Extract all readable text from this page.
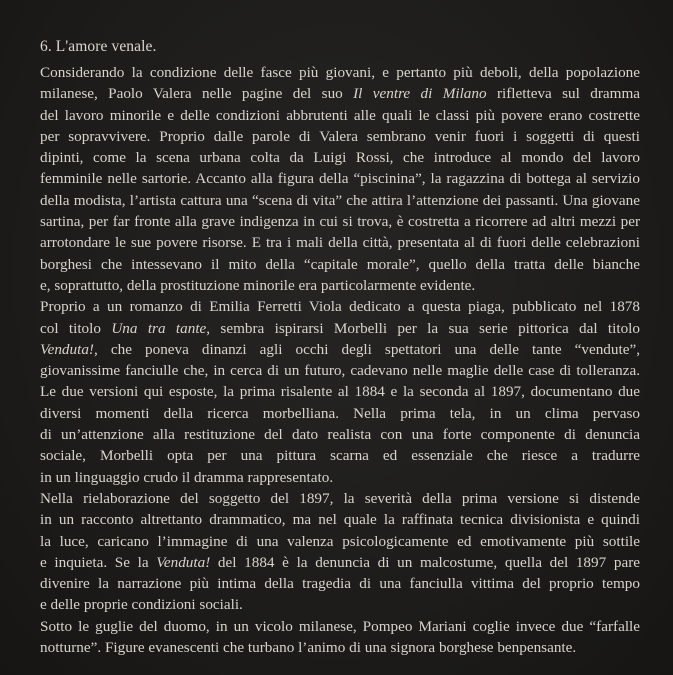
6. L'amore venale.
Considerando la condizione delle fasce più giovani, e pertanto più deboli, della popolazione
milanese, Paolo Valera nelle pagine del suo Il ventre di Milano rifletteva sul dramma
del lavoro minorile e delle condizioni abbrutenti alle quali le classi più povere erano costrette
per sopravvivere. Proprio dalle parole di Valera sembrano venir fuori i soggetti di questi
dipinti, come la scena urbana colta da Luigi Rossi, che introduce al mondo del lavoro
femminile nelle sartorie. Accanto alla figura della “piscinina”, la ragazzina di bottega al servizio
della modista, l’artista cattura una “scena di vita” che attira l’attenzione dei passanti. Una giovane
sartina, per far fronte alla grave indigenza in cui si trova, è costretta a ricorrere ad altri mezzi per
arrotondare le sue povere risorse. E tra i mali della città, presentata al di fuori delle celebrazioni
borghesi che intessevano il mito della “capitale morale”, quello della tratta delle bianche
e, soprattutto, della prostituzione minorile era particolarmente evidente.
Proprio a un romanzo di Emilia Ferretti Viola dedicato a questa piaga, pubblicato nel 1878
col titolo Una tra tante, sembra ispirarsi Morbelli per la sua serie pittorica dal titolo
Venduta!, che poneva dinanzi agli occhi degli spettatori una delle tante “vendute”,
giovanissime fanciulle che, in cerca di un futuro, cadevano nelle maglie delle case di tolleranza.
Le due versioni qui esposte, la prima risalente al 1884 e la seconda al 1897, documentano due
diversi momenti della ricerca morbelliana. Nella prima tela, in un clima pervaso
di un’attenzione alla restituzione del dato realista con una forte componente di denuncia
sociale, Morbelli opta per una pittura scarna ed essenziale che riesce a tradurre
in un linguaggio crudo il dramma rappresentato.
Nella rielaborazione del soggetto del 1897, la severità della prima versione si distende
in un racconto altrettanto drammatico, ma nel quale la raffinata tecnica divisionista e quindi
la luce, caricano l’immagine di una valenza psicologicamente ed emotivamente più sottile
e inquieta. Se la Venduta! del 1884 è la denuncia di un malcostume, quella del 1897 pare
divenire la narrazione più intima della tragedia di una fanciulla vittima del proprio tempo
e delle proprie condizioni sociali.
Sotto le guglie del duomo, in un vicolo milanese, Pompeo Mariani coglie invece due “farfalle
notturne”. Figure evanescenti che turbano l’animo di una signora borghese benpensante.
